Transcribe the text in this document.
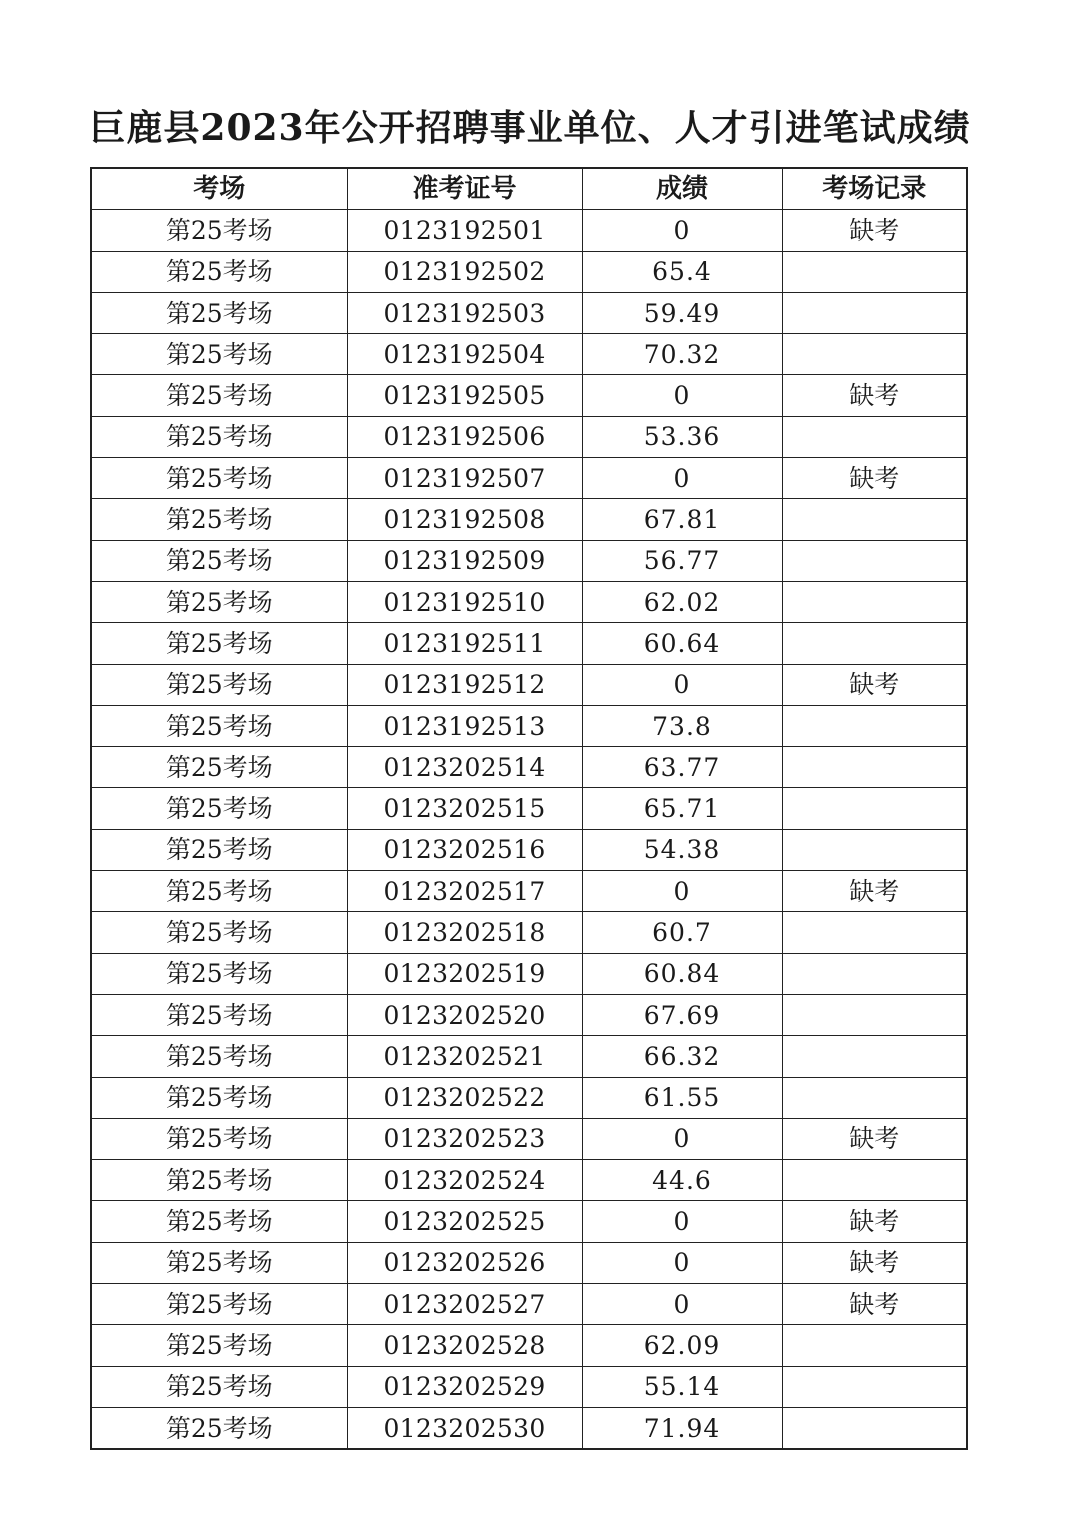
巨鹿县2023年公开招聘事业单位、人才引进笔试成绩
考场	准考证号	成绩	考场记录
第25考场	0123192501	0	缺考
第25考场	0123192502	65.4	
第25考场	0123192503	59.49	
第25考场	0123192504	70.32	
第25考场	0123192505	0	缺考
第25考场	0123192506	53.36	
第25考场	0123192507	0	缺考
第25考场	0123192508	67.81	
第25考场	0123192509	56.77	
第25考场	0123192510	62.02	
第25考场	0123192511	60.64	
第25考场	0123192512	0	缺考
第25考场	0123192513	73.8	
第25考场	0123202514	63.77	
第25考场	0123202515	65.71	
第25考场	0123202516	54.38	
第25考场	0123202517	0	缺考
第25考场	0123202518	60.7	
第25考场	0123202519	60.84	
第25考场	0123202520	67.69	
第25考场	0123202521	66.32	
第25考场	0123202522	61.55	
第25考场	0123202523	0	缺考
第25考场	0123202524	44.6	
第25考场	0123202525	0	缺考
第25考场	0123202526	0	缺考
第25考场	0123202527	0	缺考
第25考场	0123202528	62.09	
第25考场	0123202529	55.14	
第25考场	0123202530	71.94	
